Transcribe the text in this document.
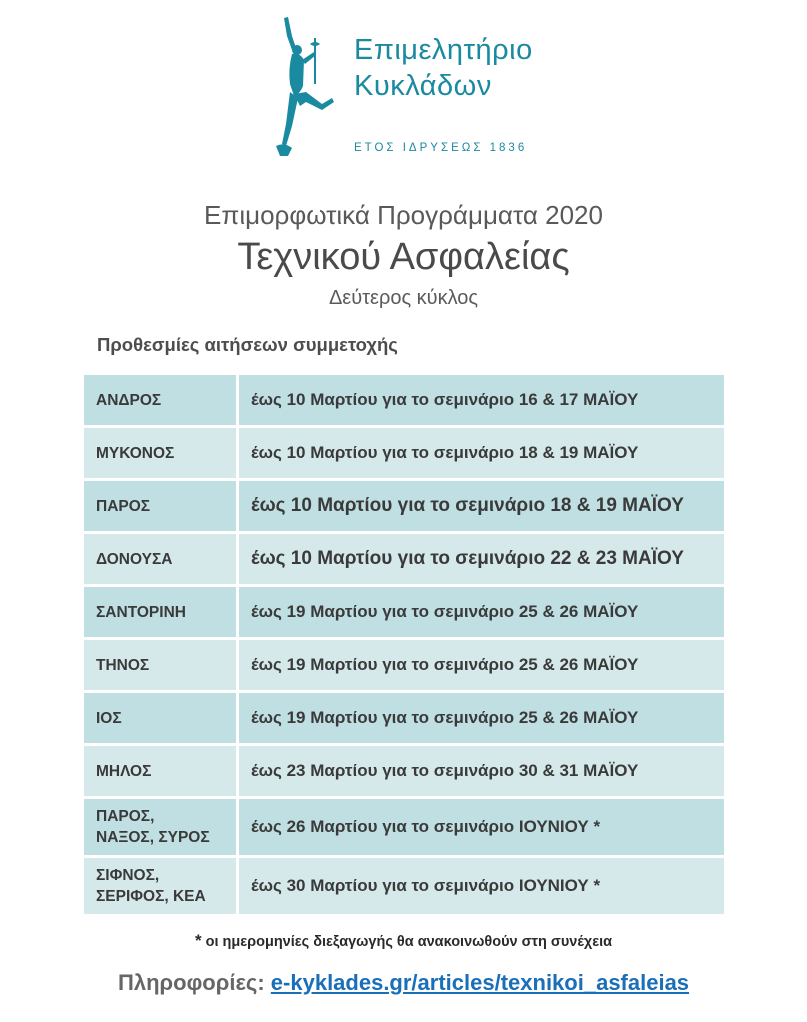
Επιμελητήριο
Κυκλάδων
ΕΤΟΣ ΙΔΡΥΣΕΩΣ 1836
Επιμορφωτικά Προγράμματα 2020
Τεχνικού Ασφαλείας
Δεύτερος κύκλος
Προθεσμίες αιτήσεων συμμετοχής
ΑΝΔΡΟΣ	έως 10 Μαρτίου για το σεμινάριο 16 & 17 ΜΑΪΟΥ
ΜΥΚΟΝΟΣ	έως 10 Μαρτίου για το σεμινάριο 18 & 19 ΜΑΪΟΥ
ΠΑΡΟΣ	έως 10 Μαρτίου για το σεμινάριο 18 & 19 ΜΑΪΟΥ
ΔΟΝΟΥΣΑ	έως 10 Μαρτίου για το σεμινάριο 22 & 23 ΜΑΪΟΥ
ΣΑΝΤΟΡΙΝΗ	έως 19 Μαρτίου για το σεμινάριο 25 & 26 ΜΑΪΟΥ
ΤΗΝΟΣ	έως 19 Μαρτίου για το σεμινάριο 25 & 26 ΜΑΪΟΥ
ΙΟΣ	έως 19 Μαρτίου για το σεμινάριο 25 & 26 ΜΑΪΟΥ
ΜΗΛΟΣ	έως 23 Μαρτίου για το σεμινάριο 30 & 31 ΜΑΪΟΥ

ΠΑΡΟΣ,
ΝΑΞΟΣ, ΣΥΡΟΣ	έως 26 Μαρτίου για το σεμινάριο ΙΟΥΝΙΟΥ *

ΣΙΦΝΟΣ,
ΣΕΡΙΦΟΣ, ΚΕΑ	έως 30 Μαρτίου για το σεμινάριο ΙΟΥΝΙΟΥ *
* οι ημερομηνίες διεξαγωγής θα ανακοινωθούν στη συνέχεια
Πληροφορίες: e-kyklades.gr/articles/texnikoi_asfaleias
